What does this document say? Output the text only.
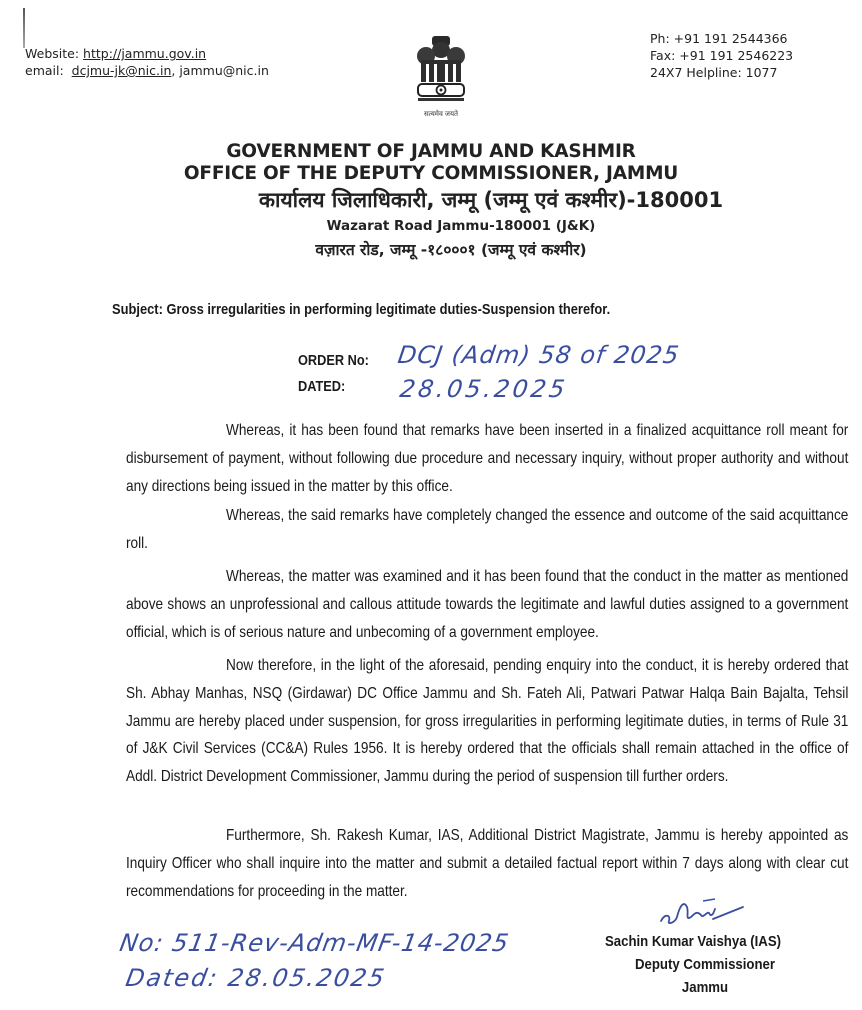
Website: http://jammu.gov.in
email: dcjmu-jk@nic.in, jammu@nic.in
सत्यमेव जयते
Ph: +91 191 2544366
Fax: +91 191 2546223
24X7 Helpline: 1077
GOVERNMENT OF JAMMU AND KASHMIR
OFFICE OF THE DEPUTY COMMISSIONER, JAMMU
कार्यालय जिलाधिकारी, जम्मू (जम्मू एवं कश्मीर)-180001
Wazarat Road Jammu-180001 (J&K)
वज़ारत रोड, जम्मू -१८०००१ (जम्मू एवं कश्मीर)
Subject: Gross irregularities in performing legitimate duties-Suspension therefor.
ORDER No: DCJ (Adm) 58 of 2025
DATED: 28.05.2025
Whereas, it has been found that remarks have been inserted in a finalized acquittance roll meant for disbursement of payment, without following due procedure and necessary inquiry, without proper authority and without any directions being issued in the matter by this office.
Whereas, the said remarks have completely changed the essence and outcome of the said acquittance roll.
Whereas, the matter was examined and it has been found that the conduct in the matter as mentioned above shows an unprofessional and callous attitude towards the legitimate and lawful duties assigned to a government official, which is of serious nature and unbecoming of a government employee.
Now therefore, in the light of the aforesaid, pending enquiry into the conduct, it is hereby ordered that Sh. Abhay Manhas, NSQ (Girdawar) DC Office Jammu and Sh. Fateh Ali, Patwari Patwar Halqa Bain Bajalta, Tehsil Jammu are hereby placed under suspension, for gross irregularities in performing legitimate duties, in terms of Rule 31 of J&K Civil Services (CC&A) Rules 1956. It is hereby ordered that the officials shall remain attached in the office of Addl. District Development Commissioner, Jammu during the period of suspension till further orders.
Furthermore, Sh. Rakesh Kumar, IAS, Additional District Magistrate, Jammu is hereby appointed as Inquiry Officer who shall inquire into the matter and submit a detailed factual report within 7 days along with clear cut recommendations for proceeding in the matter.
No: 511-Rev-Adm-MF-14-2025
Dated: 28.05.2025
Sachin Kumar Vaishya (IAS)
Deputy Commissioner
Jammu
